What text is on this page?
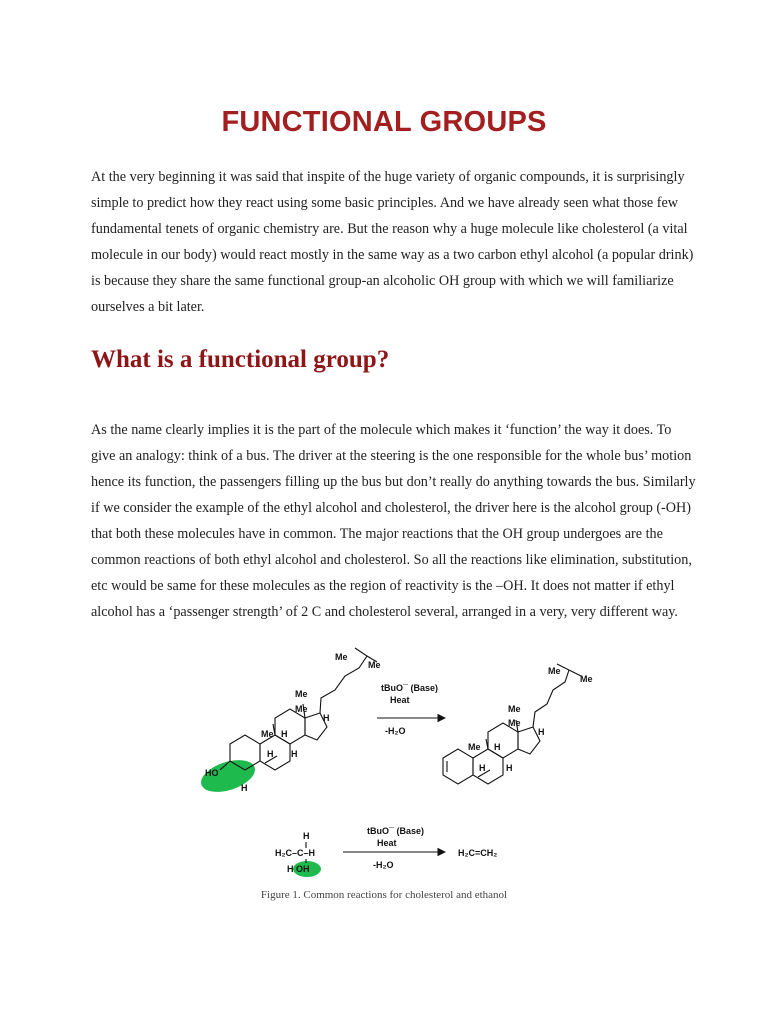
FUNCTIONAL GROUPS
At the very beginning it was said that inspite of the huge variety of organic compounds, it is surprisingly
simple to predict how they react using some basic principles. And we have already seen what those few
fundamental tenets of organic chemistry are. But the reason why a huge molecule like cholesterol (a vital
molecule in our body) would react mostly in the same way as a two carbon ethyl alcohol (a popular drink)
is because they share the same functional group-an alcoholic OH group with which we will familiarize
ourselves a bit later.
What is a functional group?
As the name clearly implies it is the part of the molecule which makes it ‘function’ the way it does. To
give an analogy: think of a bus. The driver at the steering is the one responsible for the whole bus’ motion
hence its function, the passengers filling up the bus but don’t really do anything towards the bus. Similarly
if we consider the example of the ethyl alcohol and cholesterol, the driver here is the alcohol group (-OH)
that both these molecules have in common. The major reactions that the OH group undergoes are the
common reactions of both ethyl alcohol and cholesterol. So all the reactions like elimination, substitution,
etc would be same for these molecules as the region of reactivity is the –OH. It does not matter if ethyl
alcohol has a ‘passenger strength’ of 2 C and cholesterol several, arranged in a very, very different way.
Me
Me
Me
Me
Me
H
H
H H
HO
H
tBuO¯ (Base)
Heat
-H₂O
Me
Me
Me
Me
Me
H
H
H H
H
H₂C–C–H
H OH
tBuO¯ (Base)
Heat
-H₂O
H₂C=CH₂
Figure 1. Common reactions for cholesterol and ethanol
